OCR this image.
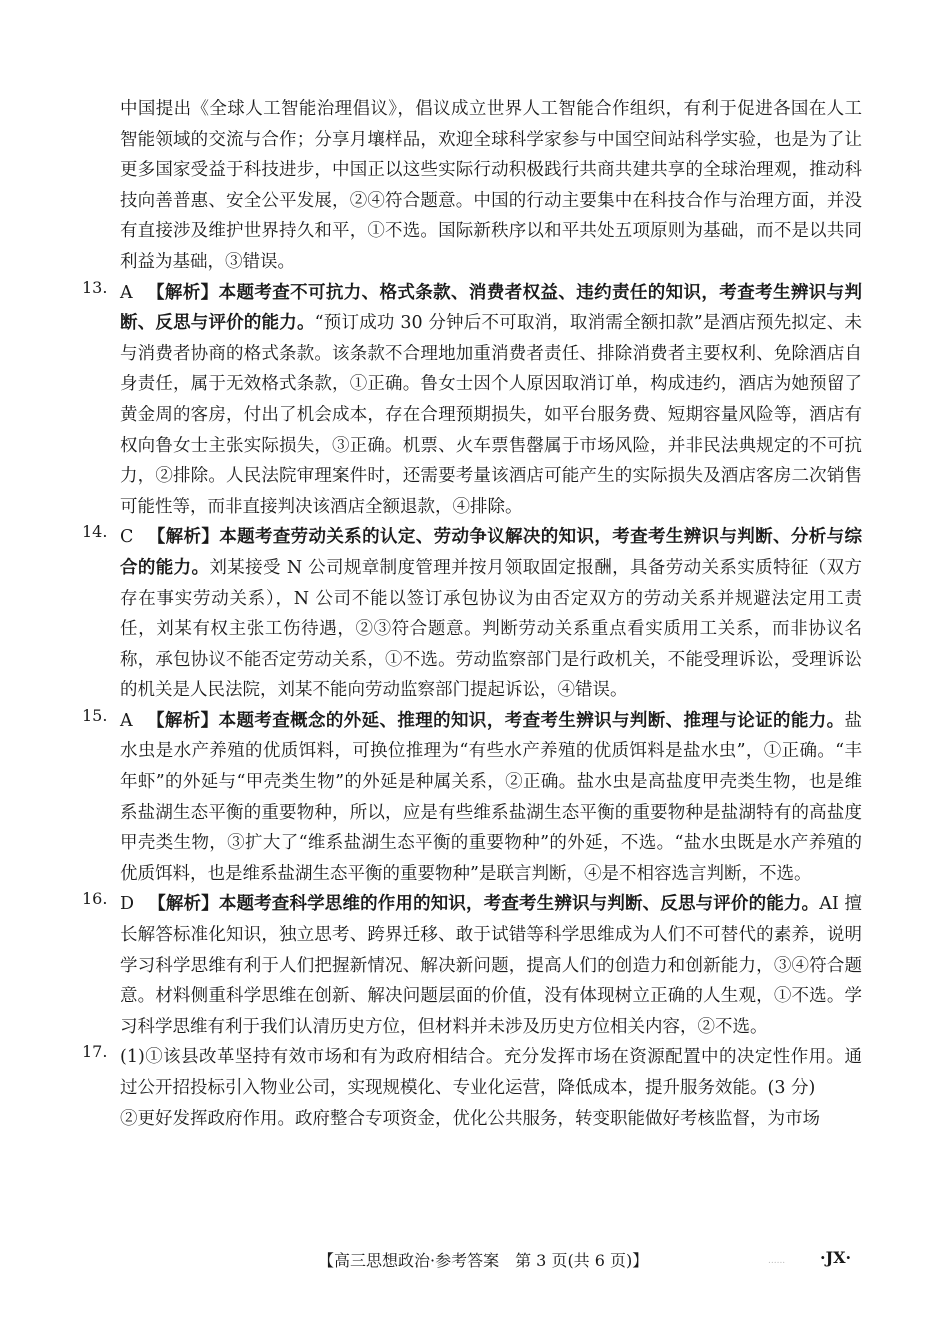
中国提出《全球人工智能治理倡议》，倡议成立世界人工智能合作组织，有利于促进各国在人工智能领域的交流与合作；分享月壤样品，欢迎全球科学家参与中国空间站科学实验，也是为了让更多国家受益于科技进步，中国正以这些实际行动积极践行共商共建共享的全球治理观，推动科技向善普惠、安全公平发展，②④符合题意。中国的行动主要集中在科技合作与治理方面，并没有直接涉及维护世界持久和平，①不选。国际新秩序以和平共处五项原则为基础，而不是以共同利益为基础，③错误。

13. A 【解析】本题考查不可抗力、格式条款、消费者权益、违约责任的知识，考查考生辨识与判断、反思与评价的能力。“预订成功 30 分钟后不可取消，取消需全额扣款”是酒店预先拟定、未与消费者协商的格式条款。该条款不合理地加重消费者责任、排除消费者主要权利、免除酒店自身责任，属于无效格式条款，①正确。鲁女士因个人原因取消订单，构成违约，酒店为她预留了黄金周的客房，付出了机会成本，存在合理预期损失，如平台服务费、短期容量风险等，酒店有权向鲁女士主张实际损失，③正确。机票、火车票售罄属于市场风险，并非民法典规定的不可抗力，②排除。人民法院审理案件时，还需要考量该酒店可能产生的实际损失及酒店客房二次销售可能性等，而非直接判决该酒店全额退款，④排除。

14. C 【解析】本题考查劳动关系的认定、劳动争议解决的知识，考查考生辨识与判断、分析与综合的能力。刘某接受 N 公司规章制度管理并按月领取固定报酬，具备劳动关系实质特征（双方存在事实劳动关系），N 公司不能以签订承包协议为由否定双方的劳动关系并规避法定用工责任，刘某有权主张工伤待遇，②③符合题意。判断劳动关系重点看实质用工关系，而非协议名称，承包协议不能否定劳动关系，①不选。劳动监察部门是行政机关，不能受理诉讼，受理诉讼的机关是人民法院，刘某不能向劳动监察部门提起诉讼，④错误。

15. A 【解析】本题考查概念的外延、推理的知识，考查考生辨识与判断、推理与论证的能力。盐水虫是水产养殖的优质饵料，可换位推理为“有些水产养殖的优质饵料是盐水虫”，①正确。“丰年虾”的外延与“甲壳类生物”的外延是种属关系，②正确。盐水虫是高盐度甲壳类生物，也是维系盐湖生态平衡的重要物种，所以，应是有些维系盐湖生态平衡的重要物种是盐湖特有的高盐度甲壳类生物，③扩大了“维系盐湖生态平衡的重要物种”的外延，不选。“盐水虫既是水产养殖的优质饵料，也是维系盐湖生态平衡的重要物种”是联言判断，④是不相容选言判断，不选。

16. D 【解析】本题考查科学思维的作用的知识，考查考生辨识与判断、反思与评价的能力。AI 擅长解答标准化知识，独立思考、跨界迁移、敢于试错等科学思维成为人们不可替代的素养，说明学习科学思维有利于人们把握新情况、解决新问题，提高人们的创造力和创新能力，③④符合题意。材料侧重科学思维在创新、解决问题层面的价值，没有体现树立正确的人生观，①不选。学习科学思维有利于我们认清历史方位，但材料并未涉及历史方位相关内容，②不选。

17. (1)①该县改革坚持有效市场和有为政府相结合。充分发挥市场在资源配置中的决定性作用。通过公开招投标引入物业公司，实现规模化、专业化运营，降低成本，提升服务效能。(3 分)

②更好发挥政府作用。政府整合专项资金，优化公共服务，转变职能做好考核监督，为市场

【高三思想政治·参考答案　第 3 页(共 6 页)】	...... ·JX·
